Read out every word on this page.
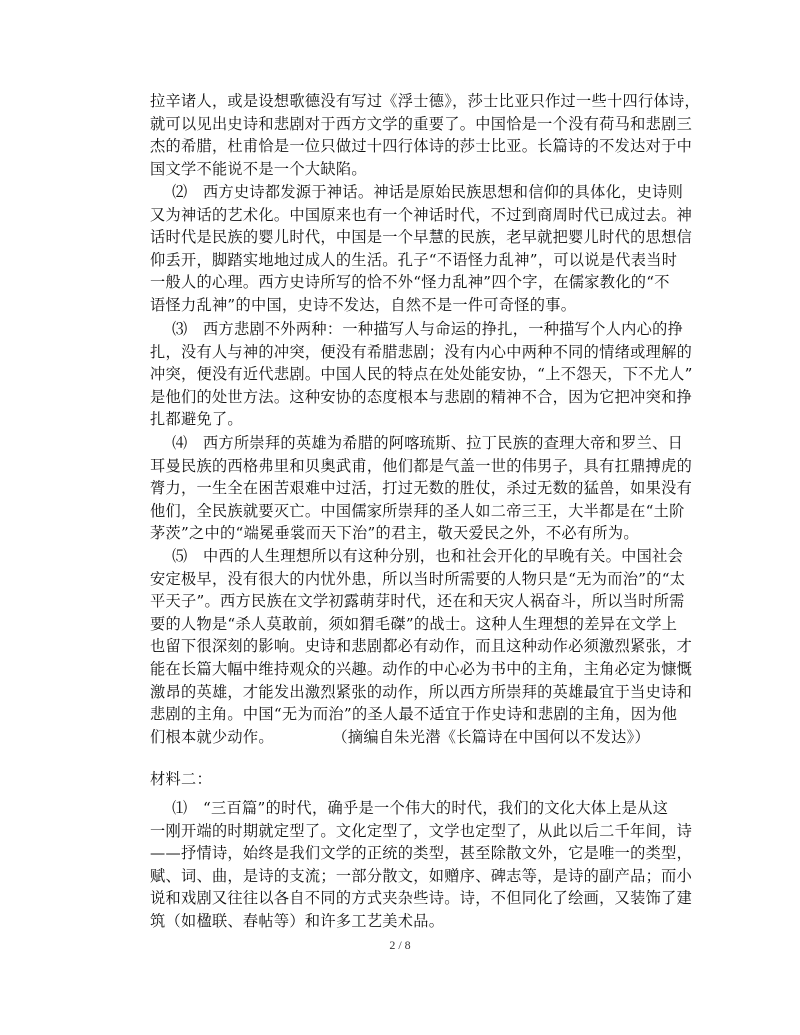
拉辛诸人，或是设想歌德没有写过《浮士德》，莎士比亚只作过一些十四行体诗，
就可以见出史诗和悲剧对于西方文学的重要了。中国恰是一个没有荷马和悲剧三
杰的希腊，杜甫恰是一位只做过十四行体诗的莎士比亚。长篇诗的不发达对于中
国文学不能说不是一个大缺陷。
⑵　西方史诗都发源于神话。神话是原始民族思想和信仰的具体化，史诗则
又为神话的艺术化。中国原来也有一个神话时代，不过到商周时代已成过去。神
话时代是民族的婴儿时代，中国是一个早慧的民族，老早就把婴儿时代的思想信
仰丢开，脚踏实地地过成人的生活。孔子“不语怪力乱神”，可以说是代表当时
一般人的心理。西方史诗所写的恰不外“怪力乱神”四个字，在儒家教化的“不
语怪力乱神”的中国，史诗不发达，自然不是一件可奇怪的事。
⑶　西方悲剧不外两种：一种描写人与命运的挣扎，一种描写个人内心的挣
扎，没有人与神的冲突，便没有希腊悲剧；没有内心中两种不同的情绪或理解的
冲突，便没有近代悲剧。中国人民的特点在处处能安协，“上不怨天，下不尤人”
是他们的处世方法。这种安协的态度根本与悲剧的精神不合，因为它把冲突和挣
扎都避免了。
⑷　西方所崇拜的英雄为希腊的阿喀琉斯、拉丁民族的查理大帝和罗兰、日
耳曼民族的西格弗里和贝奥武甫，他们都是气盖一世的伟男子，具有扛鼎搏虎的
膂力，一生全在困苦艰难中过活，打过无数的胜仗，杀过无数的猛兽，如果没有
他们，全民族就要灭亡。中国儒家所崇拜的圣人如二帝三王，大半都是在“土阶
茅茨”之中的“端冕垂裳而天下治”的君主，敬天爱民之外，不必有所为。
⑸　中西的人生理想所以有这种分别，也和社会开化的早晚有关。中国社会
安定极早，没有很大的内忧外患，所以当时所需要的人物只是“无为而治”的“太
平天子”。西方民族在文学初露萌芽时代，还在和天灾人祸奋斗，所以当时所需
要的人物是“杀人莫敢前，须如猬毛磔”的战士。这种人生理想的差异在文学上
也留下很深刻的影响。史诗和悲剧都必有动作，而且这种动作必须激烈紧张，才
能在长篇大幅中维持观众的兴趣。动作的中心必为书中的主角，主角必定为慷慨
激昂的英雄，才能发出激烈紧张的动作，所以西方所崇拜的英雄最宜于当史诗和
悲剧的主角。中国“无为而治”的圣人最不适宜于作史诗和悲剧的主角，因为他
们根本就少动作。	（摘编自朱光潜《长篇诗在中国何以不发达》）
材料二：
⑴　“三百篇”的时代，确乎是一个伟大的时代，我们的文化大体上是从这
一刚开端的时期就定型了。文化定型了，文学也定型了，从此以后二千年间，诗
——抒情诗，始终是我们文学的正统的类型，甚至除散文外，它是唯一的类型，
赋、词、曲，是诗的支流；一部分散文，如赠序、碑志等，是诗的副产品；而小
说和戏剧又往往以各自不同的方式夹杂些诗。诗，不但同化了绘画，又装饰了建
筑（如楹联、春帖等）和许多工艺美术品。
2 / 8
